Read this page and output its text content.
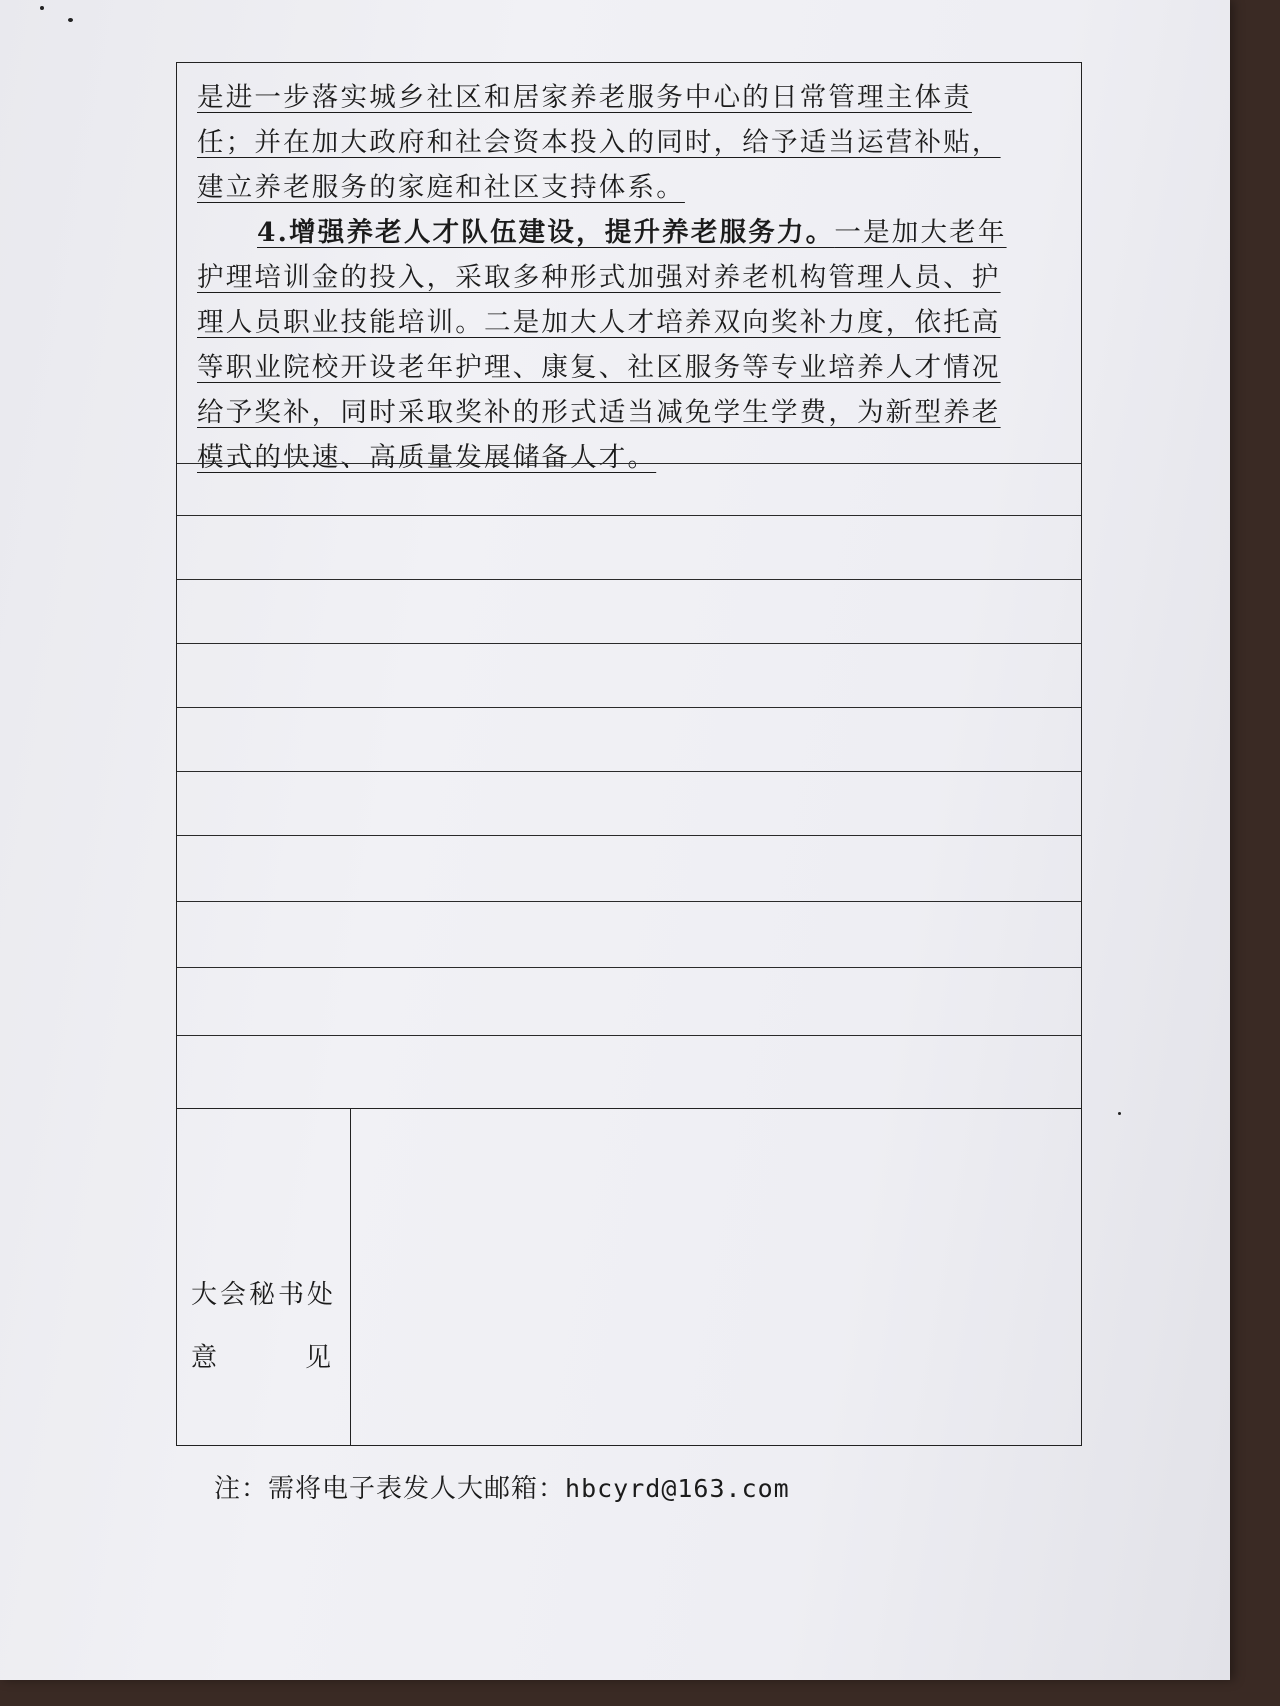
是进一步落实城乡社区和居家养老服务中心的日常管理主体责
任；并在加大政府和社会资本投入的同时，给予适当运营补贴，
建立养老服务的家庭和社区支持体系。

4.增强养老人才队伍建设，提升养老服务力。一是加大老年
护理培训金的投入，采取多种形式加强对养老机构管理人员、护
理人员职业技能培训。二是加大人才培养双向奖补力度，依托高
等职业院校开设老年护理、康复、社区服务等专业培养人才情况
给予奖补，同时采取奖补的形式适当减免学生学费，为新型养老
模式的快速、高质量发展储备人才。

大会秘书处
意	见
注：需将电子表发人大邮箱：hbcyrd@163.com
